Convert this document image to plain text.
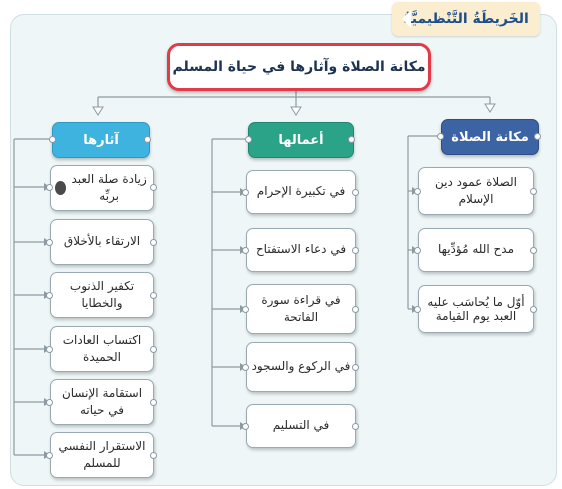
الخَريطَةُ التَّنْظيميَّةُ
مكانة الصلاة وآثارها في حياة المسلم
مكانة الصلاة
أعمالها
آثارها
الصلاة عمود دين الإسلام
مدح الله مُؤدِّيها
أوّل ما يُحاسَب عليه العبد يوم القيامة
في تكبيرة الإحرام
في دعاء الاستفتاح
في قراءة سورة الفاتحة
في الركوع والسجود
في التسليم
زيادة صلة العبد بربِّه
الارتقاء بالأخلاق
تكفير الذنوب والخطايا
اكتساب العادات الحميدة
استقامة الإنسان في حياته
الاستقرار النفسي للمسلم
